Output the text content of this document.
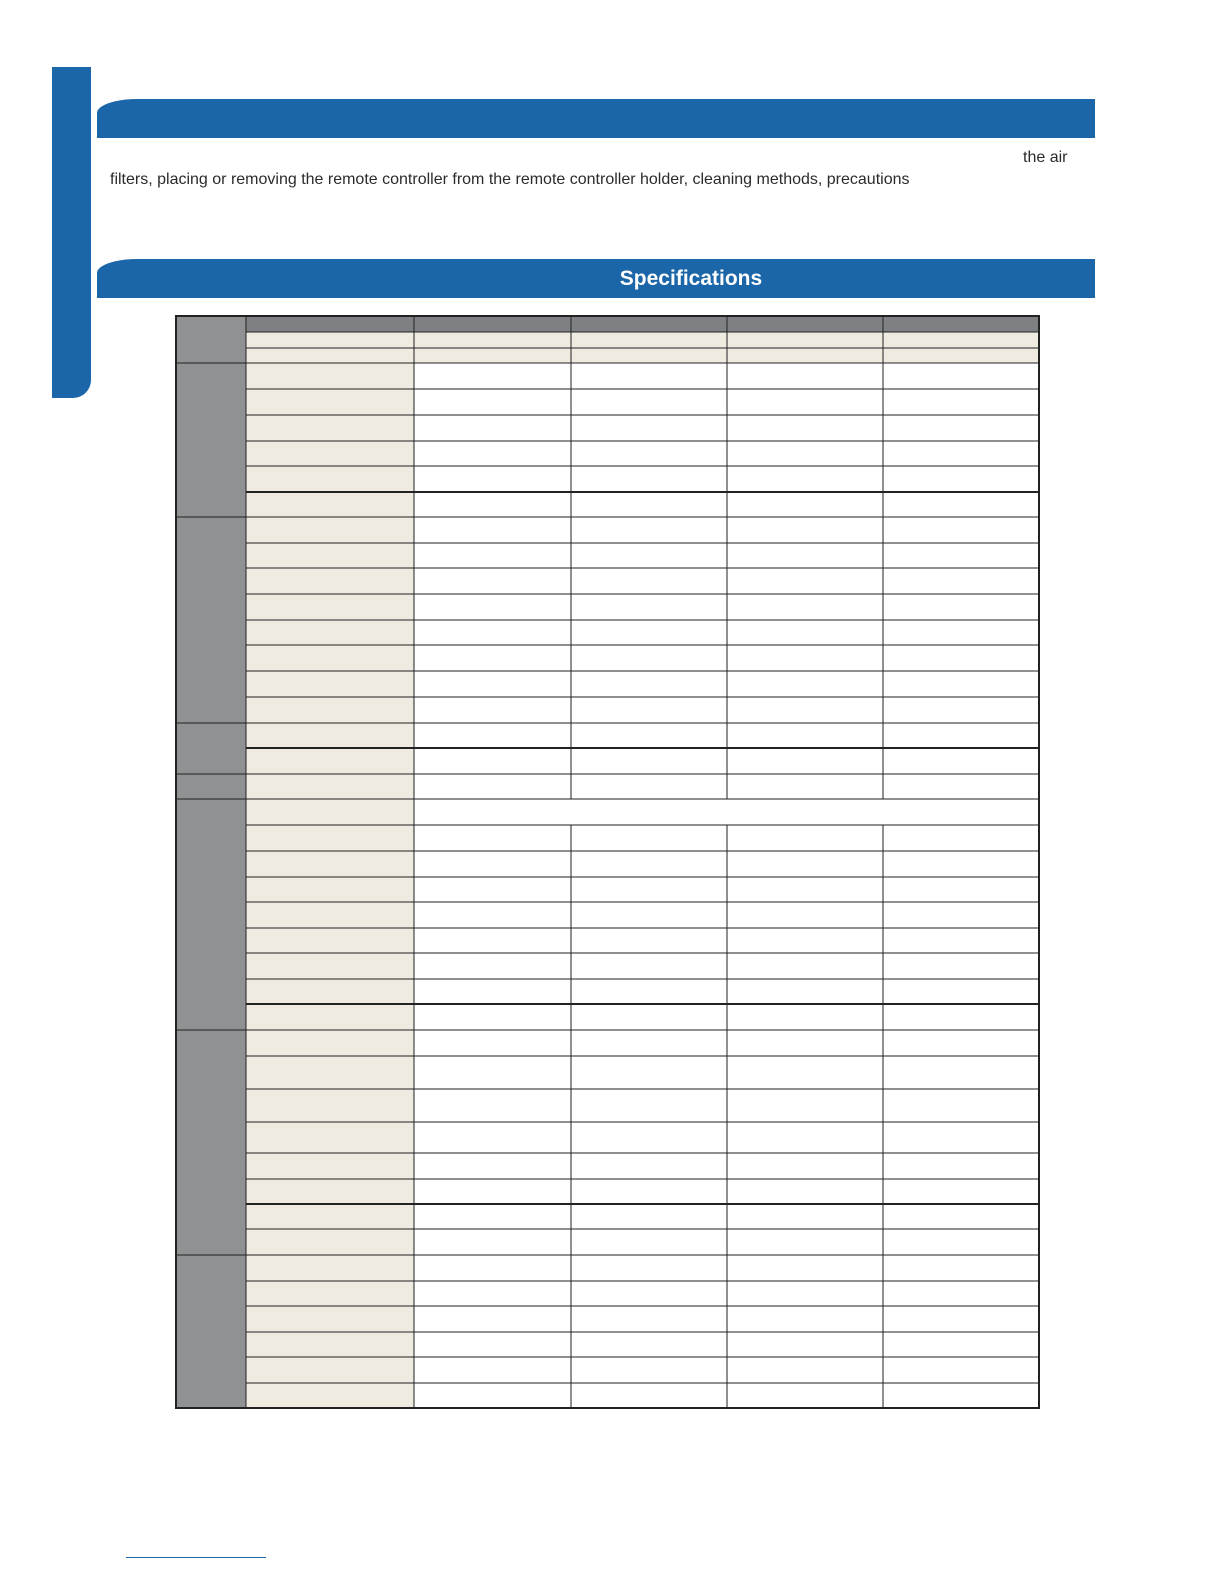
the air
filters, placing or removing the remote controller from the remote controller holder, cleaning methods, precautions
Specifications
